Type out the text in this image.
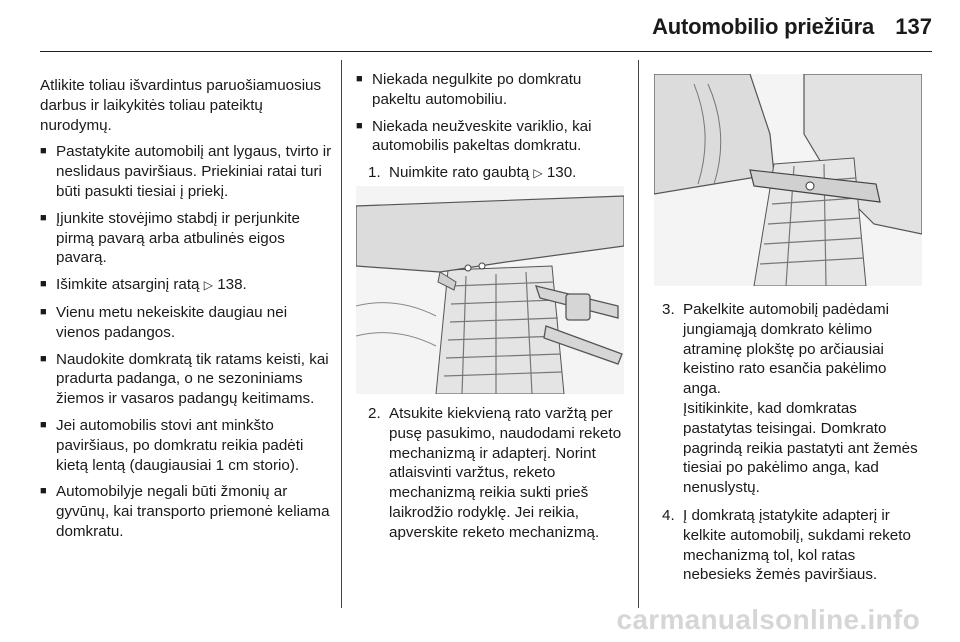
Automobilio priežiūra 137

Atlikite toliau išvardintus paruošiamuosius darbus ir laikykitės toliau pateiktų nurodymų.

■ Pastatykite automobilį ant lygaus, tvirto ir neslidaus paviršiaus. Priekiniai ratai turi būti pasukti tiesiai į priekį.
■ Įjunkite stovėjimo stabdį ir perjunkite pirmą pavarą arba atbulinės eigos pavarą.
■ Išimkite atsarginį ratą ▷ 138.
■ Vienu metu nekeiskite daugiau nei vienos padangos.
■ Naudokite domkratą tik ratams keisti, kai pradurta padanga, o ne sezoniniams žiemos ir vasaros padangų keitimams.
■ Jei automobilis stovi ant minkšto paviršiaus, po domkratu reikia padėti kietą lentą (daugiausiai 1 cm storio).
■ Automobilyje negali būti žmonių ar gyvūnų, kai transporto priemonė keliama domkratu.
■ Niekada negulkite po domkratu pakeltu automobiliu.
■ Niekada neužveskite variklio, kai automobilis pakeltas domkratu.
1. Nuimkite rato gaubtą ▷ 130.
2. Atsukite kiekvieną rato varžtą per pusę pasukimo, naudodami reketo mechanizmą ir adapterį. Norint atlaisvinti varžtus, reketo mechanizmą reikia sukti prieš laikrodžio rodyklę. Jei reikia, apverskite reketo mechanizmą.
3. Pakelkite automobilį padėdami jungiamąją domkrato kėlimo atraminę plokštę po arčiausiai keistino rato esančia pakėlimo anga.

Įsitikinkite, kad domkratas pastatytas teisingai. Domkrato pagrindą reikia pastatyti ant žemės tiesiai po pakėlimo anga, kad nenuslystų.

4. Į domkratą įstatykite adapterį ir kelkite automobilį, sukdami reketo mechanizmą tol, kol ratas nebesieks žemės paviršiaus.
carmanualsonline.info
